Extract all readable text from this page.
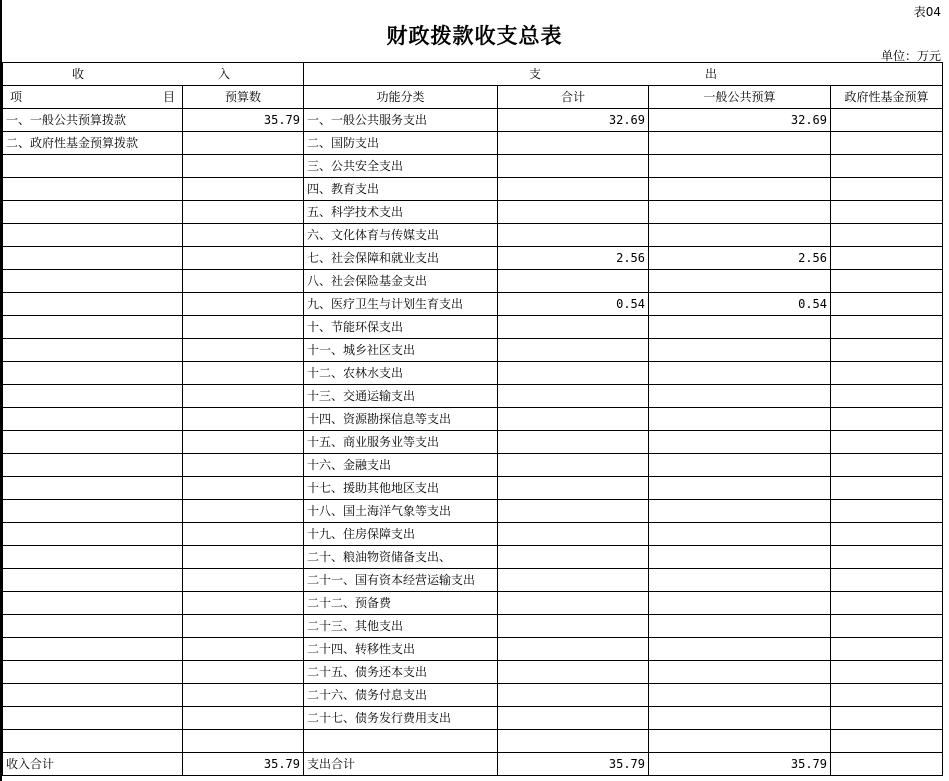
表04
财政拨款收支总表
单位：万元
收 入		支 出			

项 目	预算数	功能分类	合计	一般公共预算	政府性基金预算
一、一般公共预算拨款	35.79	一、一般公共服务支出	32.69	32.69	
二、政府性基金预算拨款		二、国防支出			
		三、公共安全支出			
		四、教育支出			
		五、科学技术支出			
		六、文化体育与传媒支出			
		七、社会保障和就业支出	2.56	2.56	
		八、社会保险基金支出			
		九、医疗卫生与计划生育支出	0.54	0.54	
		十、节能环保支出			
		十一、城乡社区支出			
		十二、农林水支出			
		十三、交通运输支出			
		十四、资源勘探信息等支出			
		十五、商业服务业等支出			
		十六、金融支出			
		十七、援助其他地区支出			
		十八、国土海洋气象等支出			
		十九、住房保障支出			
		二十、粮油物资储备支出、			
		二十一、国有资本经营运输支出			
		二十二、预备费			
		二十三、其他支出			
		二十四、转移性支出			
		二十五、债务还本支出			
		二十六、债务付息支出			
		二十七、债务发行费用支出			

收入合计	35.79	支出合计	35.79	35.79	
